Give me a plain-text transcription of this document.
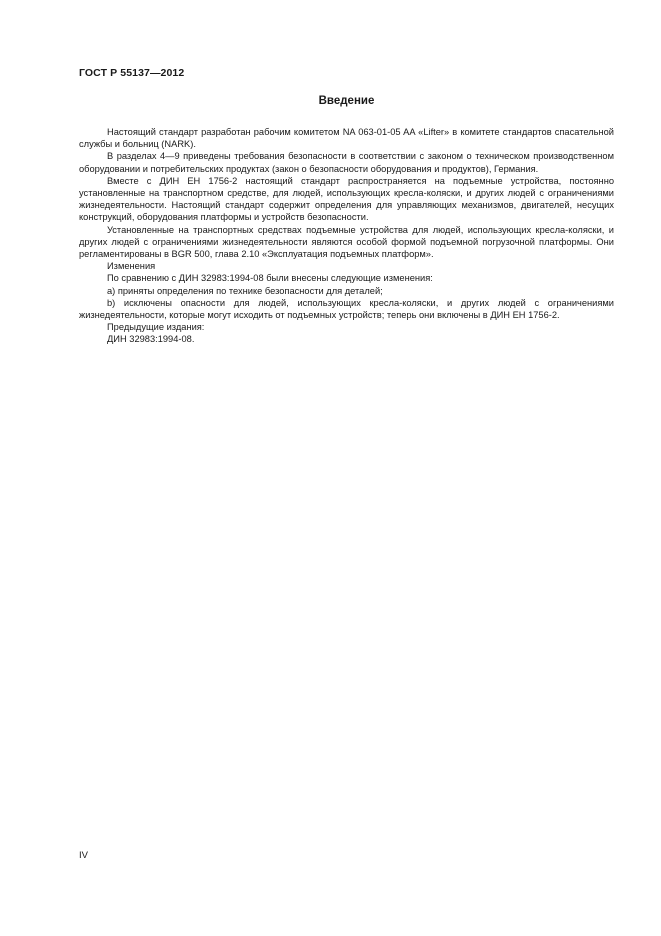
ГОСТ Р 55137—2012
Введение

Настоящий стандарт разработан рабочим комитетом NA 063-01-05 AA «Lifter» в комитете стандартов спасательной службы и больниц (NARK).

В разделах 4—9 приведены требования безопасности в соответствии с законом о техническом производственном оборудовании и потребительских продуктах (закон о безопасности оборудования и продуктов), Германия.

Вместе с ДИН ЕН 1756-2 настоящий стандарт распространяется на подъемные устройства, постоянно установленные на транспортном средстве, для людей, использующих кресла-коляски, и других людей с ограничениями жизнедеятельности. Настоящий стандарт содержит определения для управляющих механизмов, двигателей, несущих конструкций, оборудования платформы и устройств безопасности.

Установленные на транспортных средствах подъемные устройства для людей, использующих кресла-коляски, и других людей с ограничениями жизнедеятельности являются особой формой подъемной погрузочной платформы. Они регламентированы в BGR 500, глава 2.10 «Эксплуатация подъемных платформ».

Изменения

По сравнению с ДИН 32983:1994-08 были внесены следующие изменения:

a) приняты определения по технике безопасности для деталей;

b) исключены опасности для людей, использующих кресла-коляски, и других людей с ограничениями жизнедеятельности, которые могут исходить от подъемных устройств; теперь они включены в ДИН ЕН 1756-2.

Предыдущие издания:

ДИН 32983:1994-08.

IV
